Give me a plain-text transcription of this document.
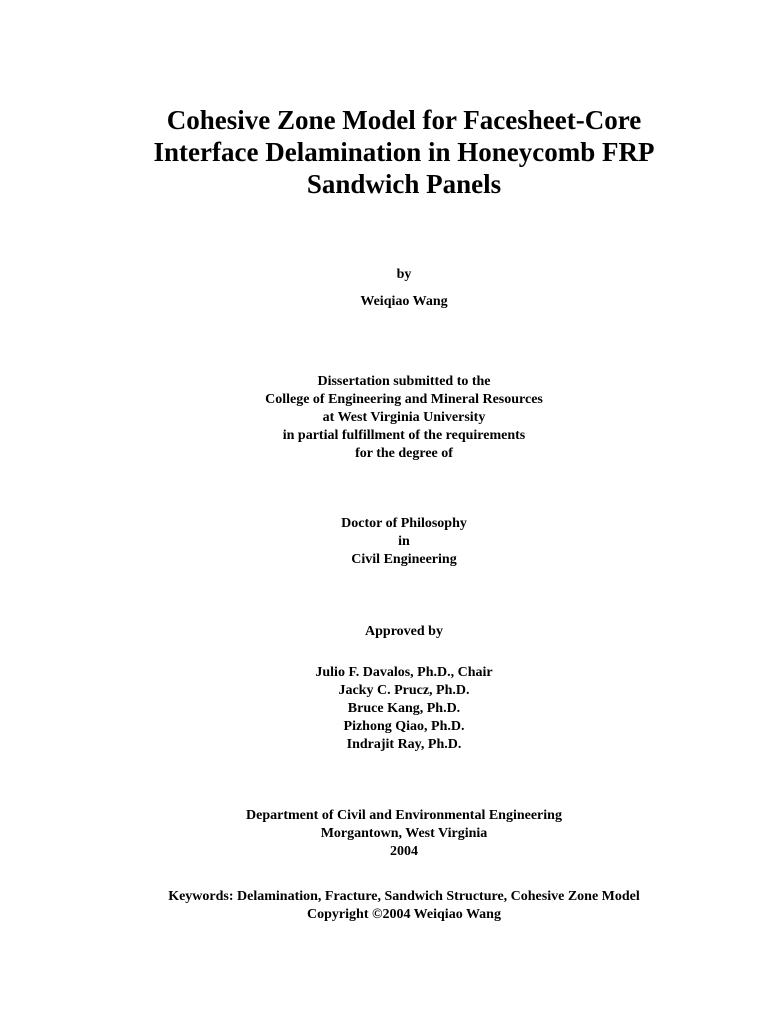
Cohesive Zone Model for Facesheet-Core
Interface Delamination in Honeycomb FRP
Sandwich Panels
by
Weiqiao Wang
Dissertation submitted to the
College of Engineering and Mineral Resources
at West Virginia University
in partial fulfillment of the requirements
for the degree of
Doctor of Philosophy
in
Civil Engineering
Approved by
Julio F. Davalos, Ph.D., Chair
Jacky C. Prucz, Ph.D.
Bruce Kang, Ph.D.
Pizhong Qiao, Ph.D.
Indrajit Ray, Ph.D.
Department of Civil and Environmental Engineering
Morgantown, West Virginia
2004
Keywords: Delamination, Fracture, Sandwich Structure, Cohesive Zone Model
Copyright ©2004 Weiqiao Wang
